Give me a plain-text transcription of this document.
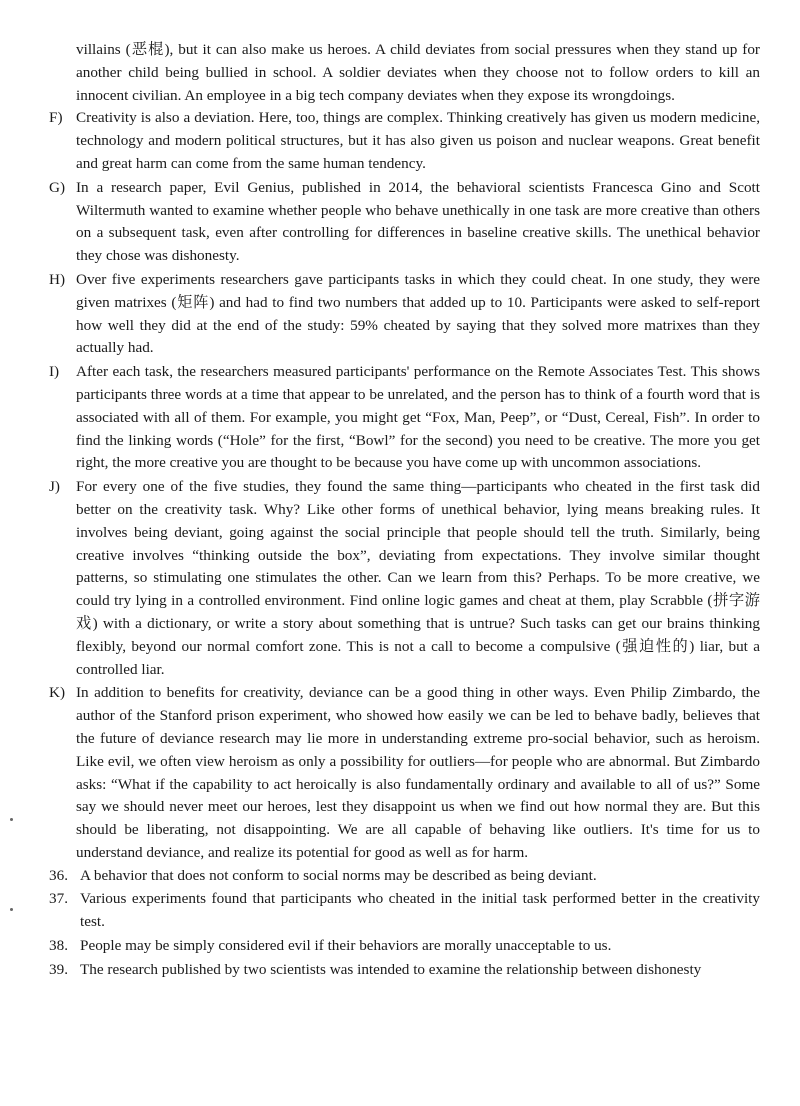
villains (恶棍), but it can also make us heroes. A child deviates from social pressures when they stand up for another child being bullied in school. A soldier deviates when they choose not to follow orders to kill an innocent civilian. An employee in a big tech company deviates when they expose its wrongdoings.

F) Creativity is also a deviation. Here, too, things are complex. Thinking creatively has given us modern medicine, technology and modern political structures, but it has also given us poison and nuclear weapons. Great benefit and great harm can come from the same human tendency.

G) In a research paper, Evil Genius, published in 2014, the behavioral scientists Francesca Gino and Scott Wiltermuth wanted to examine whether people who behave unethically in one task are more creative than others on a subsequent task, even after controlling for differences in baseline creative skills. The unethical behavior they chose was dishonesty.

H) Over five experiments researchers gave participants tasks in which they could cheat. In one study, they were given matrixes (矩阵) and had to find two numbers that added up to 10. Participants were asked to self-report how well they did at the end of the study: 59% cheated by saying that they solved more matrixes than they actually had.

I) After each task, the researchers measured participants' performance on the Remote Associates Test. This shows participants three words at a time that appear to be unrelated, and the person has to think of a fourth word that is associated with all of them. For example, you might get “Fox, Man, Peep”, or “Dust, Cereal, Fish”. In order to find the linking words (“Hole” for the first, “Bowl” for the second) you need to be creative. The more you get right, the more creative you are thought to be because you have come up with uncommon associations.

J) For every one of the five studies, they found the same thing—participants who cheated in the first task did better on the creativity task. Why? Like other forms of unethical behavior, lying means breaking rules. It involves being deviant, going against the social principle that people should tell the truth. Similarly, being creative involves “thinking outside the box”, deviating from expectations. They involve similar thought patterns, so stimulating one stimulates the other. Can we learn from this? Perhaps. To be more creative, we could try lying in a controlled environment. Find online logic games and cheat at them, play Scrabble (拼字游戏) with a dictionary, or write a story about something that is untrue? Such tasks can get our brains thinking flexibly, beyond our normal comfort zone. This is not a call to become a compulsive (强迫性的) liar, but a controlled liar.

K) In addition to benefits for creativity, deviance can be a good thing in other ways. Even Philip Zimbardo, the author of the Stanford prison experiment, who showed how easily we can be led to behave badly, believes that the future of deviance research may lie more in understanding extreme pro-social behavior, such as heroism. Like evil, we often view heroism as only a possibility for outliers—for people who are abnormal. But Zimbardo asks: “What if the capability to act heroically is also fundamentally ordinary and available to all of us?” Some say we should never meet our heroes, lest they disappoint us when we find out how normal they are. But this should be liberating, not disappointing. We are all capable of behaving like outliers. It's time for us to understand deviance, and realize its potential for good as well as for harm.

36. A behavior that does not conform to social norms may be described as being deviant.

37. Various experiments found that participants who cheated in the initial task performed better in the creativity test.

38. People may be simply considered evil if their behaviors are morally unacceptable to us.

39. The research published by two scientists was intended to examine the relationship between dishonesty
